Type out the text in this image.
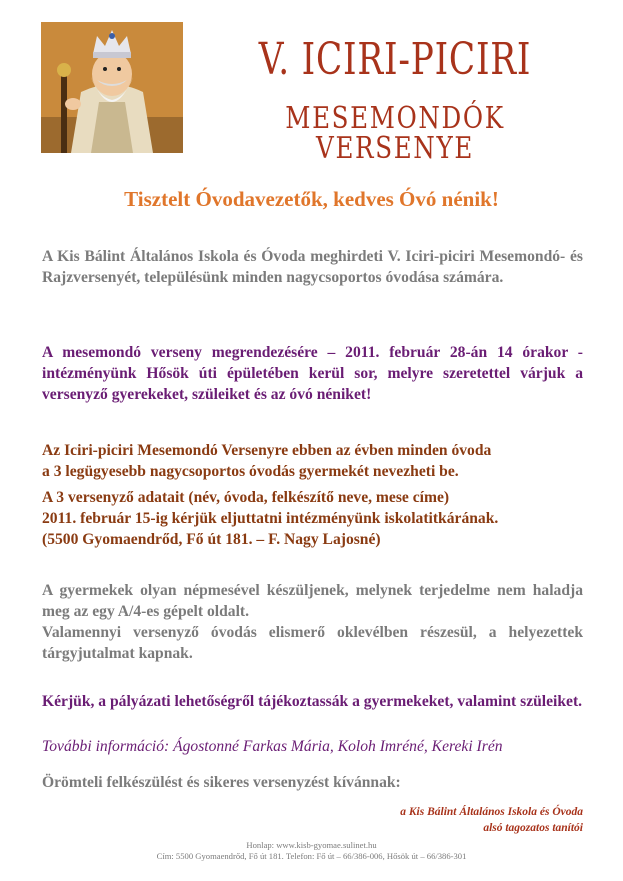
V. ICIRI-PICIRI
MESEMONDÓK VERSENYE
Tisztelt Óvodavezetők, kedves Óvó nénik!
A Kis Bálint Általános Iskola és Óvoda meghirdeti V. Iciri-piciri Mesemondó- és Rajzversenyét, településünk minden nagycsoportos óvodása számára.
A mesemondó verseny megrendezésére – 2011. február 28-án 14 órakor - intézményünk Hősök úti épületében kerül sor, melyre szeretettel várjuk a versenyző gyerekeket, szüleiket és az óvó néniket!
Az Iciri-piciri Mesemondó Versenyre ebben az évben minden óvoda
a 3 legügyesebb nagycsoportos óvodás gyermekét nevezheti be.
A 3 versenyző adatait (név, óvoda, felkészítő neve, mese címe)
2011. február 15-ig kérjük eljuttatni intézményünk iskolatitkárának.
(5500 Gyomaendrőd, Fő út 181. – F. Nagy Lajosné)
A gyermekek olyan népmesével készüljenek, melynek terjedelme nem haladja meg az egy A/4-es gépelt oldalt.
Valamennyi versenyző óvodás elismerő oklevélben részesül, a helyezettek tárgyjutalmat kapnak.
Kérjük, a pályázati lehetőségről tájékoztassák a gyermekeket, valamint szüleiket.
További információ: Ágostonné Farkas Mária, Koloh Imréné, Kereki Irén
Örömteli felkészülést és sikeres versenyzést kívánnak:
a Kis Bálint Általános Iskola és Óvoda
alsó tagozatos tanítói
Honlap: www.kisb-gyomae.sulinet.hu
Cím: 5500 Gyomaendrőd, Fő út 181. Telefon: Fő út – 66/386-006, Hősök út – 66/386-301
